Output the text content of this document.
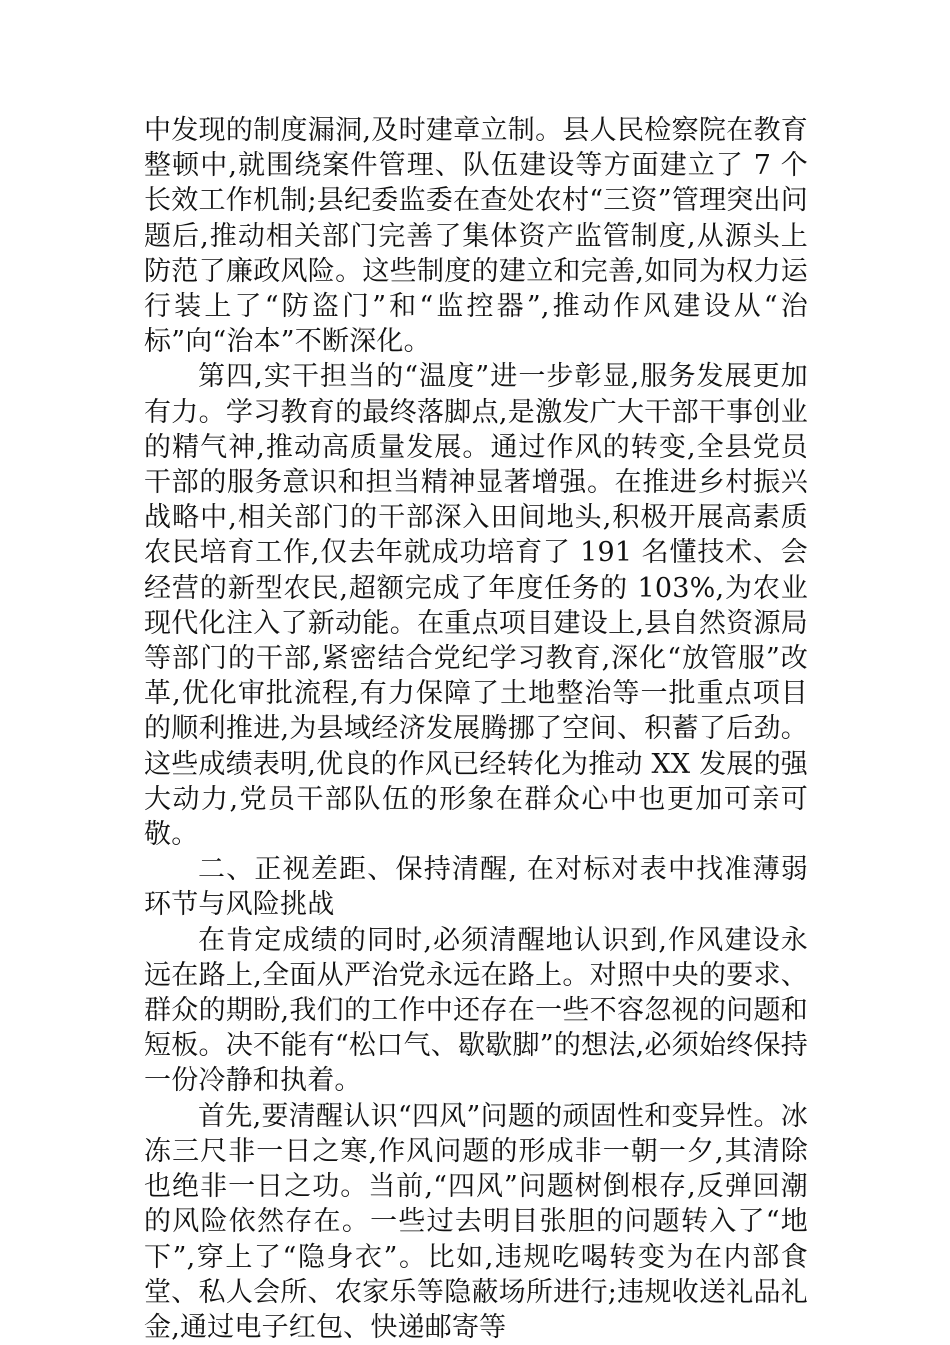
中发现的制度漏洞,及时建章立制。县人民检察院在教育整顿中,就围绕案件管理、队伍建设等方面建立了 7 个长效工作机制;县纪委监委在查处农村“三资”管理突出问题后,推动相关部门完善了集体资产监管制度,从源头上防范了廉政风险。这些制度的建立和完善,如同为权力运行装上了“防盗门”和“监控器”,推动作风建设从“治标”向“治本”不断深化。

第四,实干担当的“温度”进一步彰显,服务发展更加有力。学习教育的最终落脚点,是激发广大干部干事创业的精气神,推动高质量发展。通过作风的转变,全县党员干部的服务意识和担当精神显著增强。在推进乡村振兴战略中,相关部门的干部深入田间地头,积极开展高素质农民培育工作,仅去年就成功培育了 191 名懂技术、会经营的新型农民,超额完成了年度任务的 103%,为农业现代化注入了新动能。在重点项目建设上,县自然资源局等部门的干部,紧密结合党纪学习教育,深化“放管服”改革,优化审批流程,有力保障了土地整治等一批重点项目的顺利推进,为县域经济发展腾挪了空间、积蓄了后劲。这些成绩表明,优良的作风已经转化为推动 XX 发展的强大动力,党员干部队伍的形象在群众心中也更加可亲可敬。

二、正视差距、保持清醒, 在对标对表中找准薄弱环节与风险挑战

在肯定成绩的同时,必须清醒地认识到,作风建设永远在路上,全面从严治党永远在路上。对照中央的要求、群众的期盼,我们的工作中还存在一些不容忽视的问题和短板。决不能有“松口气、歇歇脚”的想法,必须始终保持一份冷静和执着。

首先,要清醒认识“四风”问题的顽固性和变异性。冰冻三尺非一日之寒,作风问题的形成非一朝一夕,其清除也绝非一日之功。当前,“四风”问题树倒根存,反弹回潮的风险依然存在。一些过去明目张胆的问题转入了“地下”,穿上了“隐身衣”。比如,违规吃喝转变为在内部食堂、私人会所、农家乐等隐蔽场所进行;违规收送礼品礼金,通过电子红包、快递邮寄等
